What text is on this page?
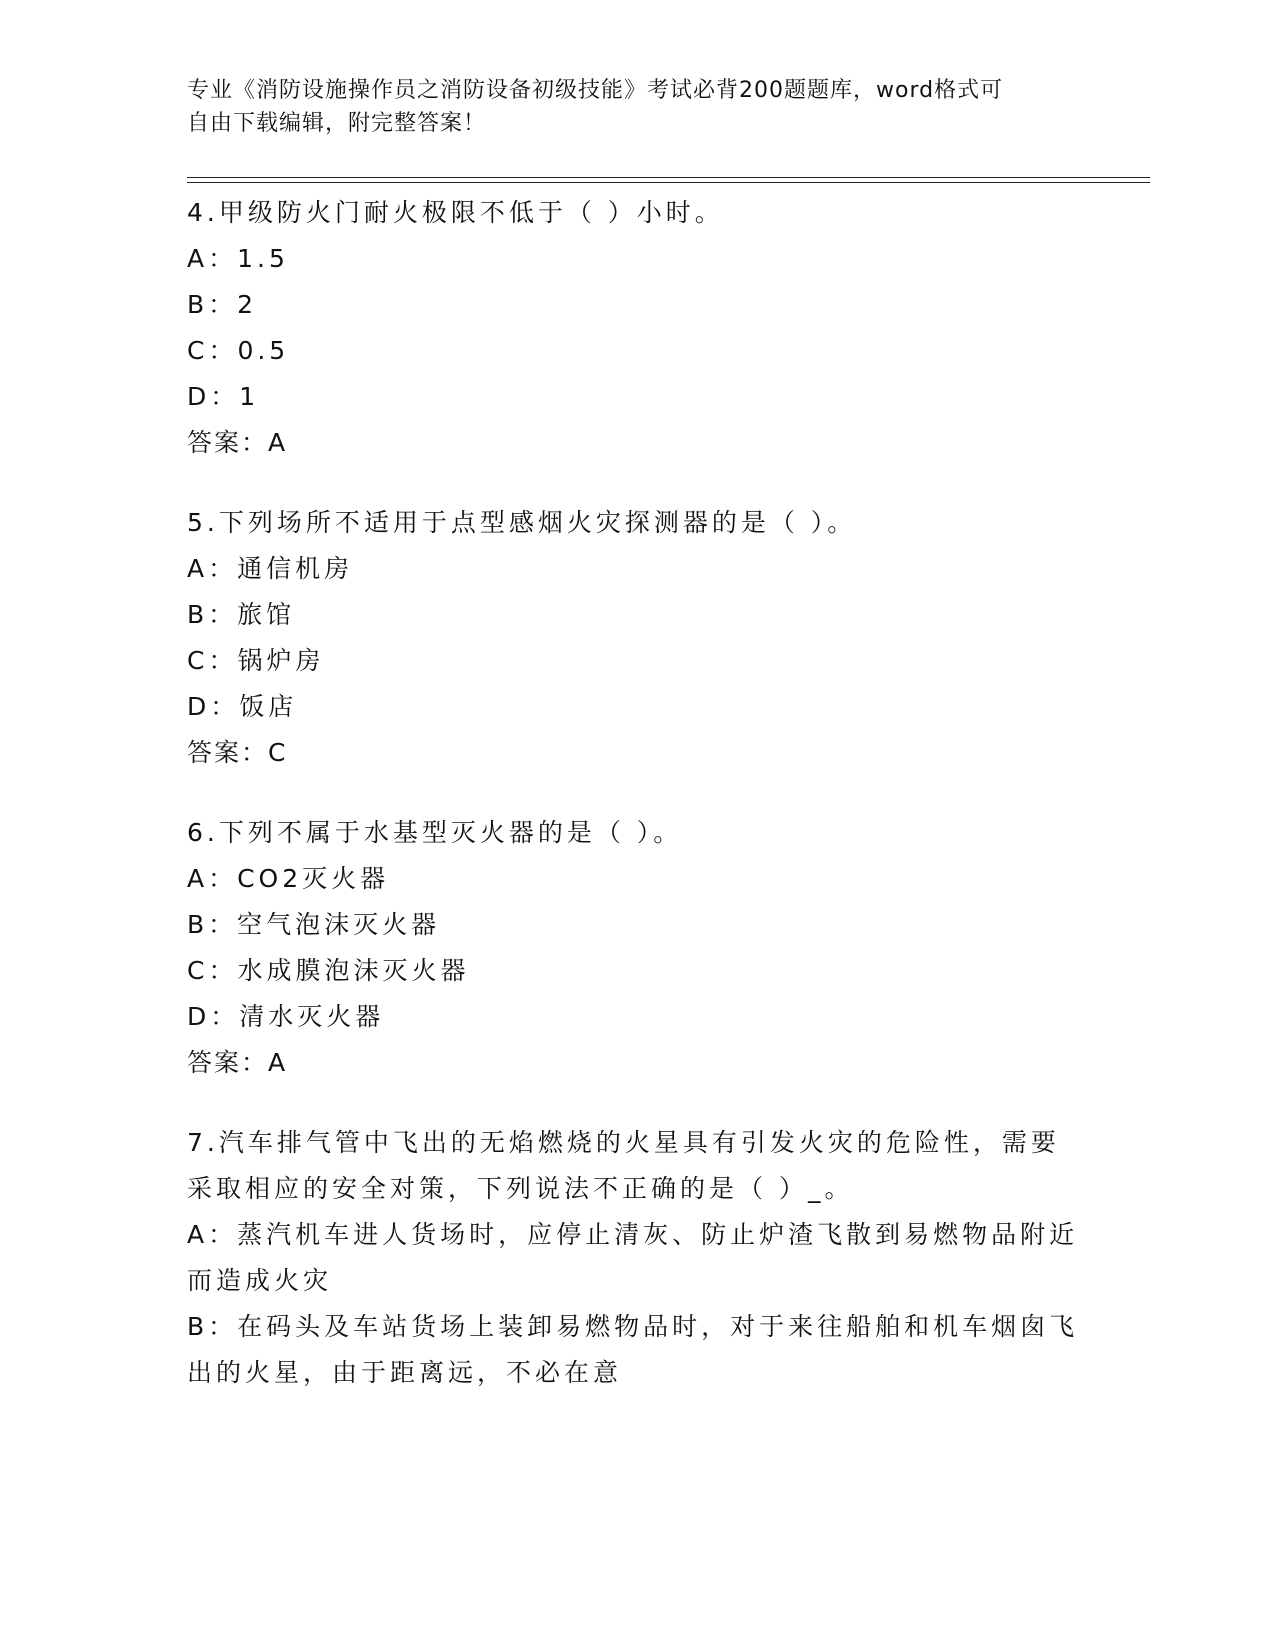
专业《消防设施操作员之消防设备初级技能》考试必背200题题库，word格式可
自由下载编辑，附完整答案！
4.甲级防火门耐火极限不低于（ ）小时。
A：1.5
B：2
C：0.5
D：1
答案：A
5.下列场所不适用于点型感烟火灾探测器的是（ ）。
A：通信机房
B：旅馆
C：锅炉房
D：饭店
答案：C
6.下列不属于水基型灭火器的是（ ）。
A：CO2灭火器
B：空气泡沫灭火器
C：水成膜泡沫灭火器
D：清水灭火器
答案：A
7.汽车排气管中飞出的无焰燃烧的火星具有引发火灾的危险性，需要
采取相应的安全对策，下列说法不正确的是（ ）_。
A：蒸汽机车进人货场时，应停止清灰、防止炉渣飞散到易燃物品附近
而造成火灾
B：在码头及车站货场上装卸易燃物品时，对于来往船舶和机车烟囱飞
出的火星，由于距离远，不必在意
